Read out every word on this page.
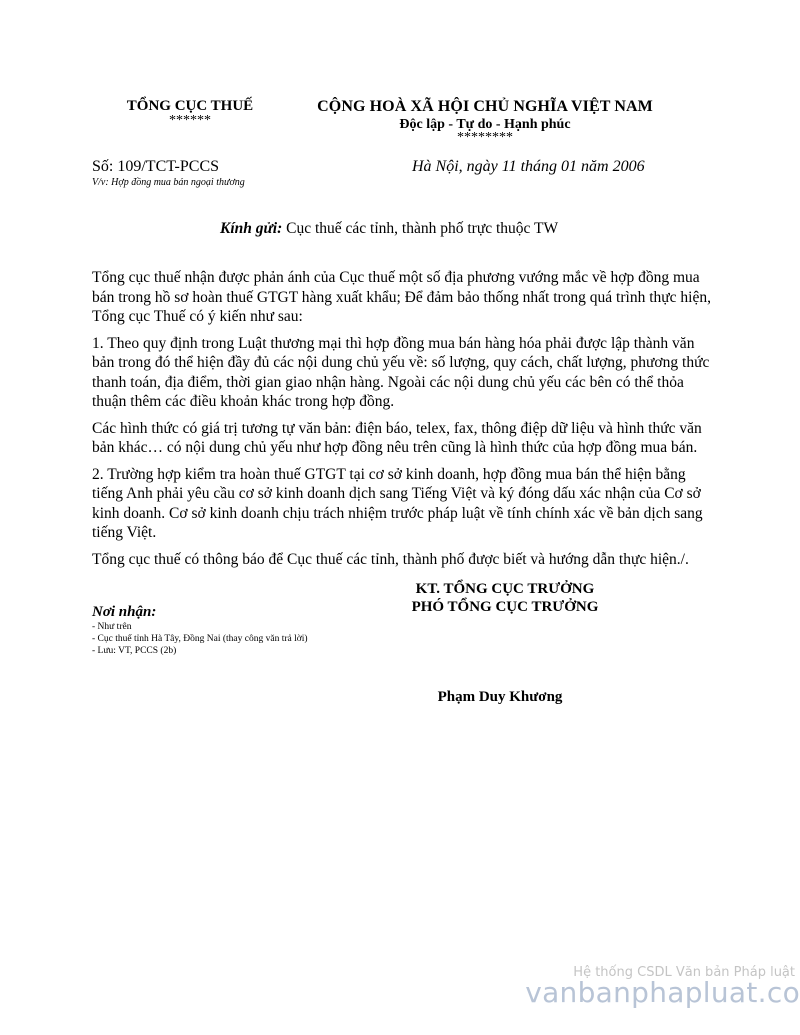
TỔNG CỤC THUẾ
******
CỘNG HOÀ XÃ HỘI CHỦ NGHĨA VIỆT NAM
Độc lập - Tự do - Hạnh phúc
********
Số: 109/TCT-PCCS
V/v: Hợp đồng mua bán ngoại thương
Hà Nội, ngày 11 tháng 01 năm 2006
Kính gửi: Cục thuế các tỉnh, thành phố trực thuộc TW

Tổng cục thuế nhận được phản ánh của Cục thuế một số địa phương vướng mắc về hợp đồng mua bán trong hồ sơ hoàn thuế GTGT hàng xuất khẩu; Để đảm bảo thống nhất trong quá trình thực hiện, Tổng cục Thuế có ý kiến như sau:

1. Theo quy định trong Luật thương mại thì hợp đồng mua bán hàng hóa phải được lập thành văn bản trong đó thể hiện đầy đủ các nội dung chủ yếu về: số lượng, quy cách, chất lượng, phương thức thanh toán, địa điểm, thời gian giao nhận hàng. Ngoài các nội dung chủ yếu các bên có thể thỏa thuận thêm các điều khoản khác trong hợp đồng.

Các hình thức có giá trị tương tự văn bản: điện báo, telex, fax, thông điệp dữ liệu và hình thức văn bản khác… có nội dung chủ yếu như hợp đồng nêu trên cũng là hình thức của hợp đồng mua bán.

2. Trường hợp kiểm tra hoàn thuế GTGT tại cơ sở kinh doanh, hợp đồng mua bán thể hiện bằng tiếng Anh phải yêu cầu cơ sở kinh doanh dịch sang Tiếng Việt và ký đóng dấu xác nhận của Cơ sở kinh doanh. Cơ sở kinh doanh chịu trách nhiệm trước pháp luật về tính chính xác về bản dịch sang tiếng Việt.

Tổng cục thuế có thông báo để Cục thuế các tỉnh, thành phố được biết và hướng dẫn thực hiện./.

KT. TỔNG CỤC TRƯỞNG
PHÓ TỔNG CỤC TRƯỞNG
Nơi nhận:
- Như trên
- Cục thuế tỉnh Hà Tây, Đồng Nai (thay công văn trả lời)
- Lưu: VT, PCCS (2b)
Phạm Duy Khương
Hệ thống CSDL Văn bản Pháp luật
vanbanphapluat.co
